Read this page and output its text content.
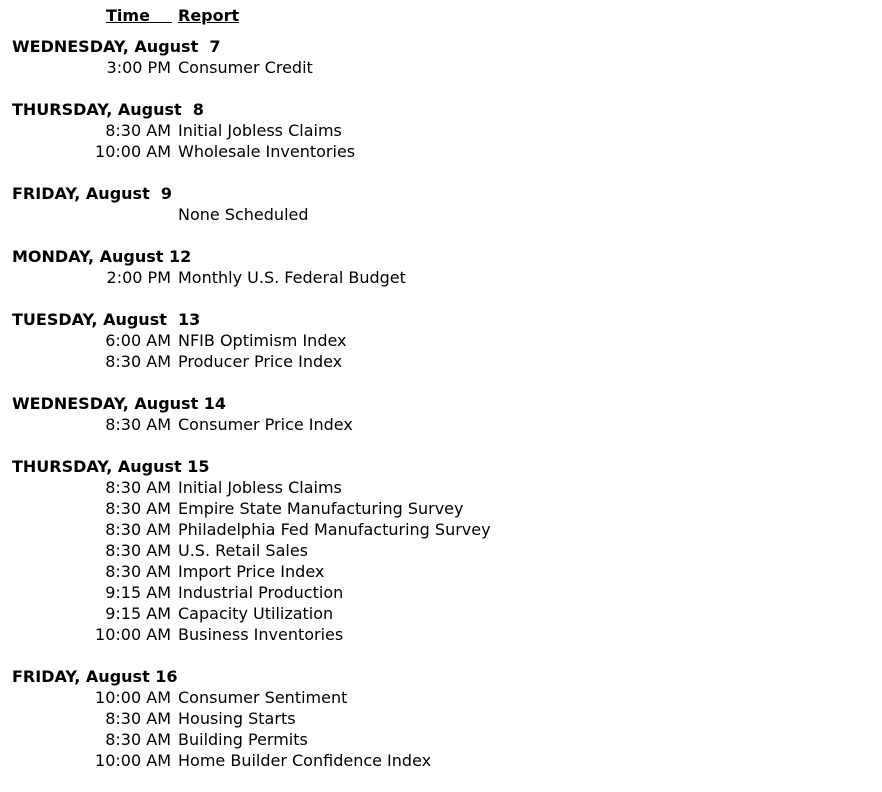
Time	Report
WEDNESDAY, August  7
3:00 PM Consumer Credit
THURSDAY, August  8
8:30 AM Initial Jobless Claims
10:00 AM Wholesale Inventories
FRIDAY, August  9
None Scheduled
MONDAY, August 12
2:00 PM Monthly U.S. Federal Budget
TUESDAY, August  13
6:00 AM NFIB Optimism Index
8:30 AM Producer Price Index
WEDNESDAY, August 14
8:30 AM Consumer Price Index
THURSDAY, August 15
8:30 AM Initial Jobless Claims
8:30 AM Empire State Manufacturing Survey
8:30 AM Philadelphia Fed Manufacturing Survey
8:30 AM U.S. Retail Sales
8:30 AM Import Price Index
9:15 AM Industrial Production
9:15 AM Capacity Utilization
10:00 AM Business Inventories
FRIDAY, August 16
10:00 AM Consumer Sentiment
8:30 AM Housing Starts
8:30 AM Building Permits
10:00 AM Home Builder Confidence Index
